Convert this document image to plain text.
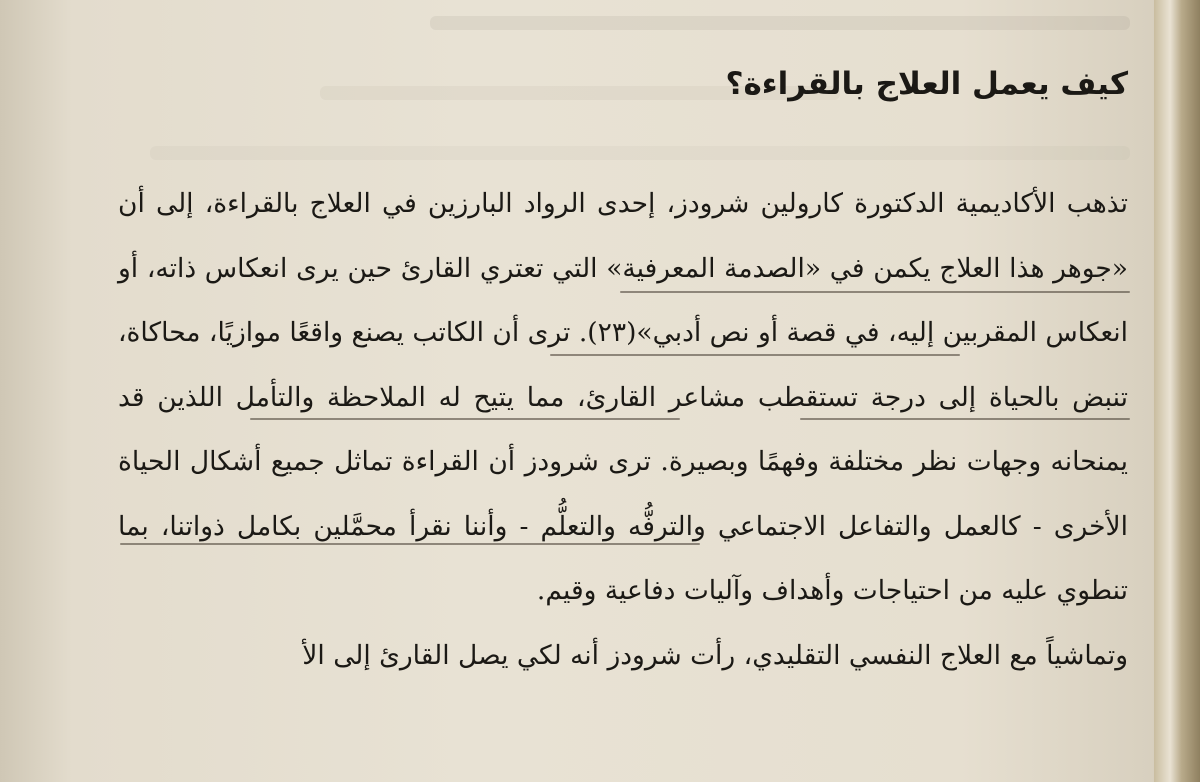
كيف يعمل العلاج بالقراءة؟

تذهب الأكاديمية الدكتورة كارولين شرودز، إحدى الرواد البارزين في العلاج بالقراءة، إلى أن «جوهر هذا العلاج يكمن في «الصدمة المعرفية» التي تعتري القارئ حين يرى انعكاس ذاته، أو انعكاس المقربين إليه، في قصة أو نص أدبي»(٢٣). ترى أن الكاتب يصنع واقعًا موازيًا، محاكاة، تنبض بالحياة إلى درجة تستقطب مشاعر القارئ، مما يتيح له الملاحظة والتأمل اللذين قد يمنحانه وجهات نظر مختلفة وفهمًا وبصيرة. ترى شرودز أن القراءة تماثل جميع أشكال الحياة الأخرى - كالعمل والتفاعل الاجتماعي والترفُّه والتعلُّم - وأننا نقرأ محمَّلين بكامل ذواتنا، بما تنطوي عليه من احتياجات وأهداف وآليات دفاعية وقيم.

وتماشياً مع العلاج النفسي التقليدي، رأت شرودز أنه لكي يصل القارئ إلى الأ
